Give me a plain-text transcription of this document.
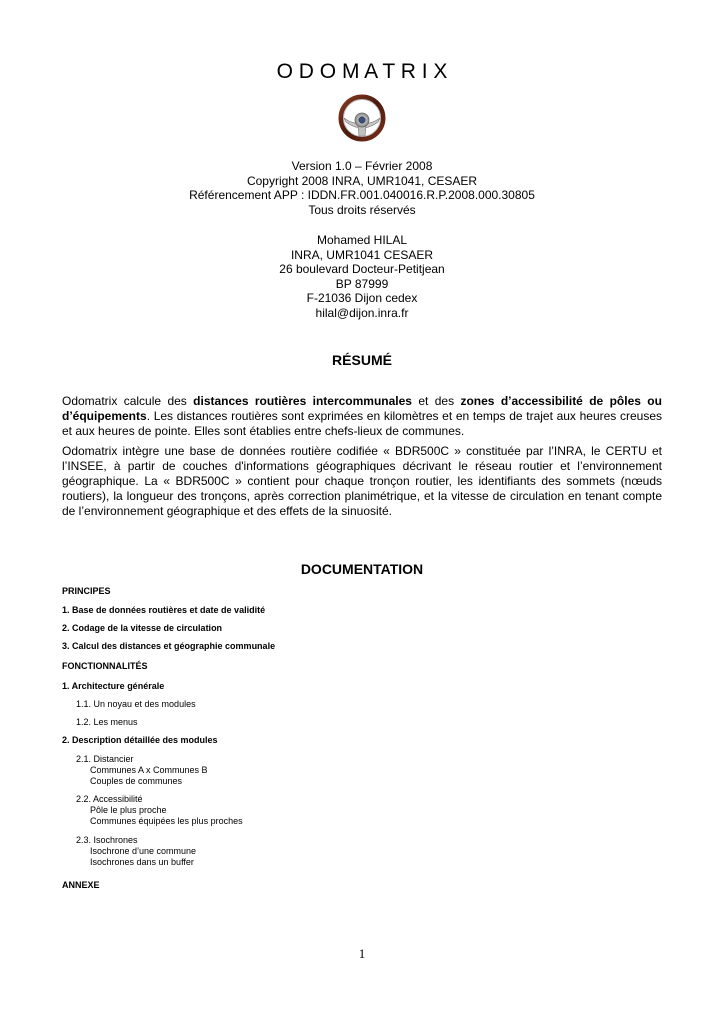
O D O M A T R I X
Version 1.0 – Février 2008
Copyright 2008 INRA, UMR1041, CESAER
Référencement APP : IDDN.FR.001.040016.R.P.2008.000.30805
Tous droits réservés
Mohamed HILAL
INRA, UMR1041 CESAER
26 boulevard Docteur-Petitjean
BP 87999
F-21036 Dijon cedex
hilal@dijon.inra.fr
RÉSUMÉ
Odomatrix calcule des distances routières intercommunales et des zones d’accessibilité de pôles ou d’équipements. Les distances routières sont exprimées en kilomètres et en temps de trajet aux heures creuses et aux heures de pointe. Elles sont établies entre chefs-lieux de communes.
Odomatrix intègre une base de données routière codifiée « BDR500C » constituée par l’INRA, le CERTU et l’INSEE, à partir de couches d'informations géographiques décrivant le réseau routier et l’environnement géographique. La « BDR500C » contient pour chaque tronçon routier, les identifiants des sommets (nœuds routiers), la longueur des tronçons, après correction planimétrique, et la vitesse de circulation en tenant compte de l’environnement géographique et des effets de la sinuosité.
DOCUMENTATION
PRINCIPES
1. Base de données routières et date de validité
2. Codage de la vitesse de circulation
3. Calcul des distances et géographie communale
FONCTIONNALITÉS
1. Architecture générale
1.1. Un noyau et des modules
1.2. Les menus
2. Description détaillée des modules
2.1. Distancier
Communes A x Communes B
Couples de communes
2.2. Accessibilité
Pôle le plus proche
Communes équipées les plus proches
2.3. Isochrones
Isochrone d’une commune
Isochrones dans un buffer
ANNEXE
1
